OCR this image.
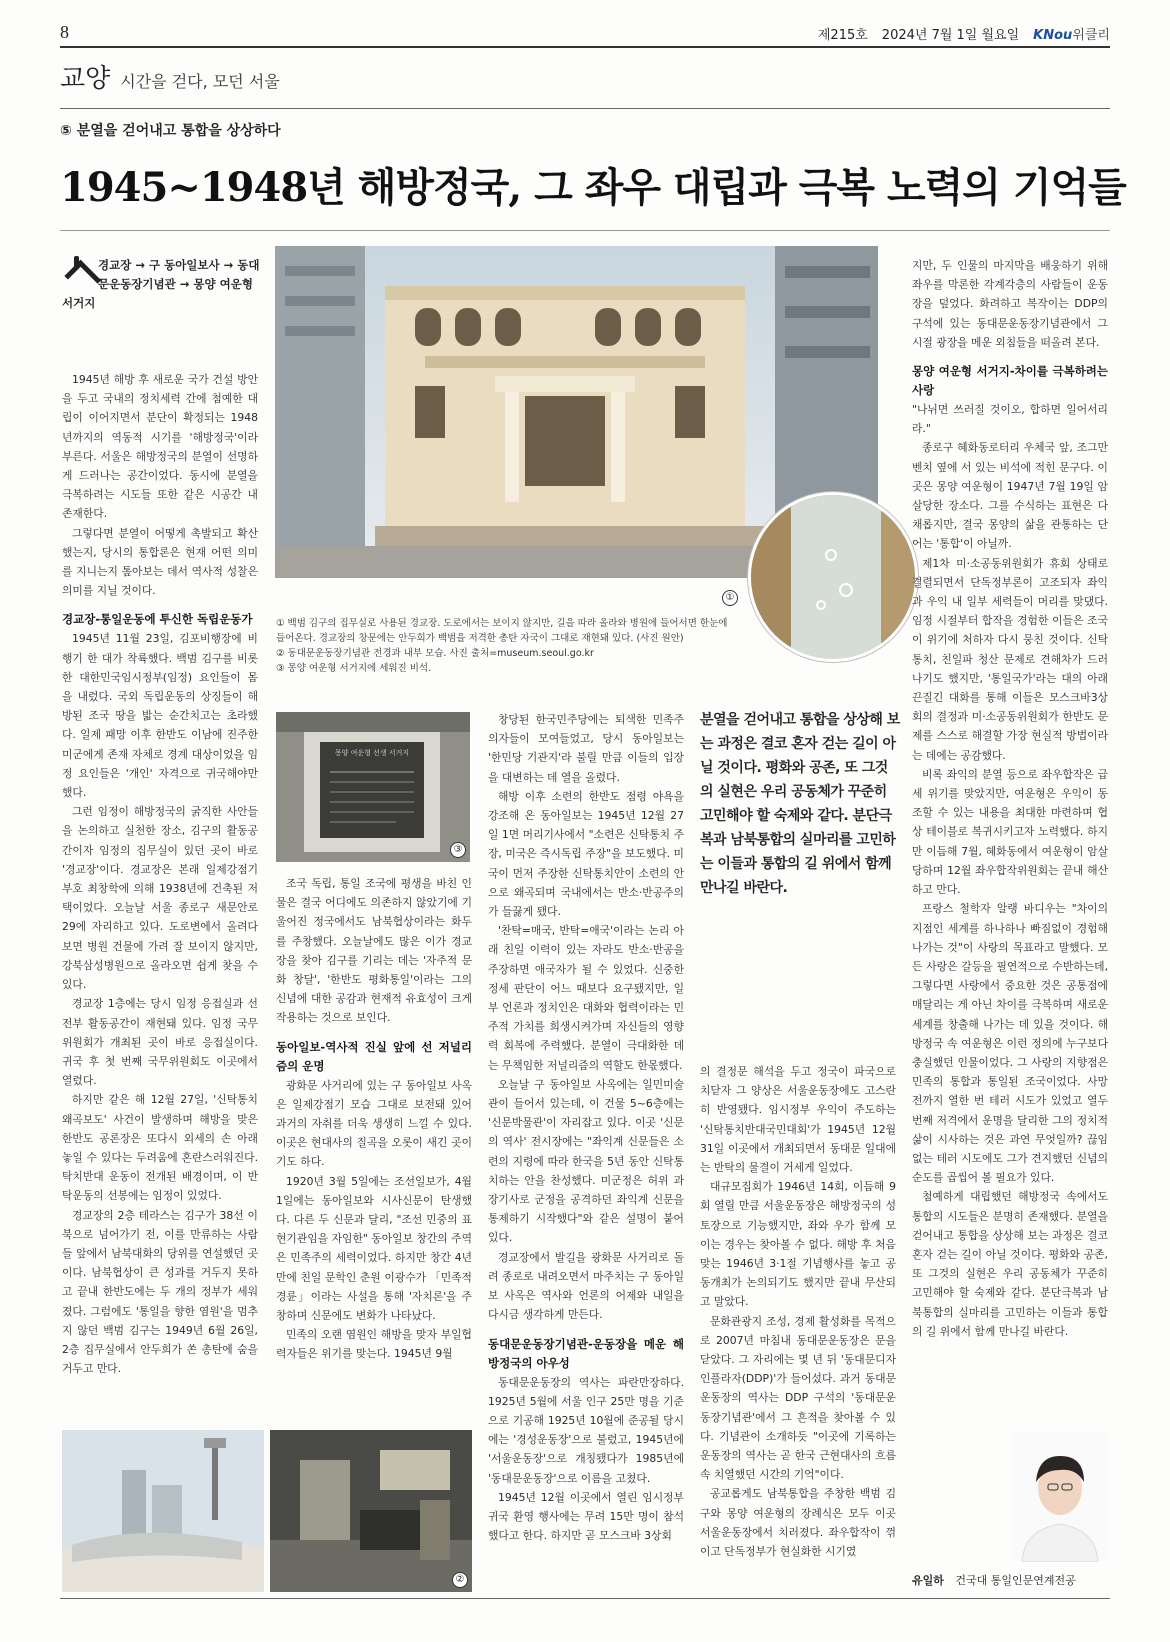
8	제215호 2024년 7월 1일 월요일 KNou위클리
교양 시간을 걷다, 모던 서울
⑤ 분열을 걷어내고 통합을 상상하다
1945~1948년 해방정국, 그 좌우 대립과 극복 노력의 기억들
경교장 → 구 동아일보사 → 동대문운동장기념관 → 몽양 여운형 서거지
①
① 백범 김구의 집무실로 사용된 경교장. 도로에서는 보이지 않지만, 길을 따라 올라와 병원에 들어서면 한눈에 들어온다. 경교장의 창문에는 안두희가 백범을 저격한 총탄 자국이 그대로 재현돼 있다. (사진 원안)
② 동대문운동장기념관 전경과 내부 모습. 사진 출처=museum.seoul.go.kr
③ 몽양 여운형 서거지에 세워진 비석.
몽양 여운형 선생 서거지
③
②

1945년 해방 후 새로운 국가 건설 방안을 두고 국내의 정치세력 간에 첨예한 대립이 이어지면서 분단이 확정되는 1948년까지의 역동적 시기를 '해방정국'이라 부른다. 서울은 해방정국의 분열이 선명하게 드러나는 공간이었다. 동시에 분열을 극복하려는 시도들 또한 같은 시공간 내 존재한다.

그렇다면 분열이 어떻게 촉발되고 확산했는지, 당시의 통합론은 현재 어떤 의미를 지니는지 톺아보는 데서 역사적 성찰은 의미를 지닐 것이다.

경교장-통일운동에 투신한 독립운동가

1945년 11월 23일, 김포비행장에 비행기 한 대가 착륙했다. 백범 김구를 비롯한 대한민국임시정부(임정) 요인들이 몸을 내렸다. 국외 독립운동의 상징들이 해방된 조국 땅을 밟는 순간치고는 초라했다. 일제 패망 이후 한반도 이남에 진주한 미군에게 존재 자체로 경계 대상이었을 임정 요인들은 '개인' 자격으로 귀국해야만 했다.

그런 임정이 해방정국의 굵직한 사안들을 논의하고 실천한 장소, 김구의 활동공간이자 임정의 집무실이 있던 곳이 바로 '경교장'이다. 경교장은 본래 일제강점기 부호 최창학에 의해 1938년에 건축된 저택이었다. 오늘날 서울 종로구 새문안로 29에 자리하고 있다. 도로변에서 올려다보면 병원 건물에 가려 잘 보이지 않지만, 강북삼성병원으로 올라오면 쉽게 찾을 수 있다.

경교장 1층에는 당시 임정 응접실과 선전부 활동공간이 재현돼 있다. 임정 국무위원회가 개최된 곳이 바로 응접실이다. 귀국 후 첫 번째 국무위원회도 이곳에서 열렸다.

하지만 같은 해 12월 27일, '신탁통치 왜곡보도' 사건이 발생하며 해방을 맞은 한반도 공론장은 또다시 외세의 손 아래 놓일 수 있다는 두려움에 혼란스러워진다. 탁치반대 운동이 전개된 배경이며, 이 반탁운동의 선봉에는 임정이 있었다.

경교장의 2층 테라스는 김구가 38선 이북으로 넘어가기 전, 이를 만류하는 사람들 앞에서 남북대화의 당위를 연설했던 곳이다. 남북협상이 큰 성과를 거두지 못하고 끝내 한반도에는 두 개의 정부가 세워졌다. 그럼에도 '통일을 향한 염원'을 멈추지 않던 백범 김구는 1949년 6월 26일, 2층 집무실에서 안두희가 쏜 총탄에 숨을 거두고 만다.

조국 독립, 통일 조국에 평생을 바친 인물은 결국 어디에도 의존하지 않았기에 기울어진 정국에서도 남북협상이라는 화두를 주창했다. 오늘날에도 많은 이가 경교장을 찾아 김구를 기리는 데는 '자주적 문화 창달', '한반도 평화통일'이라는 그의 신념에 대한 공감과 현재적 유효성이 크게 작용하는 것으로 보인다.

동아일보-역사적 진실 앞에 선 저널리즘의 운명

광화문 사거리에 있는 구 동아일보 사옥은 일제강점기 모습 그대로 보전돼 있어 과거의 자취를 더욱 생생히 느낄 수 있다. 이곳은 현대사의 질곡을 오롯이 새긴 곳이기도 하다.

1920년 3월 5일에는 조선일보가, 4월 1일에는 동아일보와 시사신문이 탄생했다. 다른 두 신문과 달리, "조선 민중의 표현기관임을 자임한" 동아일보 창간의 주역은 민족주의 세력이었다. 하지만 창간 4년 만에 친일 문학인 춘원 이광수가 「민족적 경륜」이라는 사설을 통해 '자치론'을 주창하며 신문에도 변화가 나타났다.

민족의 오랜 염원인 해방을 맞자 부일협력자들은 위기를 맞는다. 1945년 9월

창당된 한국민주당에는 퇴색한 민족주의자들이 모여들었고, 당시 동아일보는 '한민당 기관지'라 불릴 만큼 이들의 입장을 대변하는 데 열을 올렸다.

해방 이후 소련의 한반도 점령 야욕을 강조해 온 동아일보는 1945년 12월 27일 1면 머리기사에서 "소련은 신탁통치 주장, 미국은 즉시독립 주장"을 보도했다. 미국이 먼저 주장한 신탁통치안이 소련의 안으로 왜곡되며 국내에서는 반소·반공주의가 들끓게 됐다.

'찬탁=매국, 반탁=애국'이라는 논리 아래 친일 이력이 있는 자라도 반소·반공을 주장하면 애국자가 될 수 있었다. 신중한 정세 판단이 어느 때보다 요구됐지만, 일부 언론과 정치인은 대화와 협력이라는 민주적 가치를 희생시켜가며 자신들의 영향력 회복에 주력했다. 분열이 극대화한 데는 무책임한 저널리즘의 역할도 한몫했다.

오늘날 구 동아일보 사옥에는 일민미술관이 들어서 있는데, 이 건물 5~6층에는 '신문박물관'이 자리잡고 있다. 이곳 '신문의 역사' 전시장에는 "좌익계 신문들은 소련의 지령에 따라 한국을 5년 동안 신탁통치하는 안을 찬성했다. 미군정은 허위 과장기사로 군정을 공격하던 좌익계 신문을 통제하기 시작했다"와 같은 설명이 붙어 있다.

경교장에서 발길을 광화문 사거리로 돌려 종로로 내려오면서 마주치는 구 동아일보 사옥은 역사와 언론의 어제와 내일을 다시금 생각하게 만든다.

동대문운동장기념관-운동장을 메운 해방정국의 아우성

동대문운동장의 역사는 파란만장하다. 1925년 5월에 서울 인구 25만 명을 기준으로 기공해 1925년 10월에 준공될 당시에는 '경성운동장'으로 불렸고, 1945년에 '서울운동장'으로 개칭됐다가 1985년에 '동대문운동장'으로 이름을 고쳤다.

1945년 12월 이곳에서 열린 임시정부 귀국 환영 행사에는 무려 15만 명이 참석했다고 한다. 하지만 곧 모스크바 3상회

분열을 걷어내고 통합을 상상해 보는 과정은 결코 혼자 걷는 길이 아닐 것이다. 평화와 공존, 또 그것의 실현은 우리 공동체가 꾸준히 고민해야 할 숙제와 같다. 분단극복과 남북통합의 실마리를 고민하는 이들과 통합의 길 위에서 함께 만나길 바란다.

의 결정문 해석을 두고 정국이 파국으로 치닫자 그 양상은 서울운동장에도 고스란히 반영됐다. 임시정부 우익이 주도하는 '신탁통치반대국민대회'가 1945년 12월 31일 이곳에서 개최되면서 동대문 일대에는 반탁의 물결이 거세게 일었다.

대규모집회가 1946년 14회, 이듬해 9회 열릴 만큼 서울운동장은 해방정국의 성토장으로 기능했지만, 좌와 우가 함께 모이는 경우는 찾아볼 수 없다. 해방 후 처음 맞는 1946년 3·1절 기념행사를 놓고 공동개최가 논의되기도 했지만 끝내 무산되고 말았다.

문화관광지 조성, 경제 활성화를 목적으로 2007년 마침내 동대문운동장은 문을 닫았다. 그 자리에는 몇 년 뒤 '동대문디자인플라자(DDP)'가 들어섰다. 과거 동대문운동장의 역사는 DDP 구석의 '동대문운동장기념관'에서 그 흔적을 찾아볼 수 있다. 기념관이 소개하듯 "이곳에 기록하는 운동장의 역사는 곧 한국 근현대사의 흐름 속 치열했던 시간의 기억"이다.

공교롭게도 남북통합을 주창한 백범 김구와 몽양 여운형의 장례식은 모두 이곳 서울운동장에서 치러졌다. 좌우합작이 꺾이고 단독정부가 현실화한 시기였

지만, 두 인물의 마지막을 배웅하기 위해 좌우를 막론한 각계각층의 사람들이 운동장을 덮었다. 화려하고 복작이는 DDP의 구석에 있는 동대문운동장기념관에서 그 시절 광장을 메운 외침들을 떠올려 본다.

몽양 여운형 서거지-차이를 극복하려는 사랑

"나뉘면 쓰러질 것이오, 합하면 일어서리라."

종로구 혜화동로터리 우체국 앞, 조그만 벤치 옆에 서 있는 비석에 적힌 문구다. 이곳은 몽양 여운형이 1947년 7월 19일 암살당한 장소다. 그를 수식하는 표현은 다채롭지만, 결국 몽양의 삶을 관통하는 단어는 '통합'이 아닐까.

제1차 미·소공동위원회가 휴회 상태로 결렬되면서 단독정부론이 고조되자 좌익과 우익 내 일부 세력들이 머리를 맞댔다. 임정 시절부터 합작을 경험한 이들은 조국이 위기에 처하자 다시 뭉친 것이다. 신탁통치, 친일파 청산 문제로 견해차가 드러나기도 했지만, '통일국가'라는 대의 아래 끈질긴 대화를 통해 이들은 모스크바3상회의 결정과 미·소공동위원회가 한반도 문제를 스스로 해결할 가장 현실적 방법이라는 데에는 공감했다.

비록 좌익의 분열 등으로 좌우합작은 급세 위기를 맞았지만, 여운형은 우익이 동조할 수 있는 내용을 최대한 마련하며 협상 테이블로 복귀시키고자 노력했다. 하지만 이듬해 7월, 혜화동에서 여운형이 암살당하며 12월 좌우합작위원회는 끝내 해산하고 만다.

프랑스 철학자 알랭 바디우는 "차이의 지점인 세계를 하나하나 빠짐없이 경험해 나가는 것"이 사랑의 목표라고 말했다. 모든 사랑은 갈등을 필연적으로 수반하는데, 그렇다면 사랑에서 중요한 것은 공통점에 매달리는 게 아닌 차이를 극복하며 새로운 세계를 창출해 나가는 데 있을 것이다. 해방정국 속 여운형은 이런 정의에 누구보다 충실했던 인물이었다. 그 사랑의 지향점은 민족의 통합과 통일된 조국이었다. 사망 전까지 열한 번 테러 시도가 있었고 열두 번째 저격에서 운명을 달리한 그의 정치적 삶이 시사하는 것은 과연 무엇일까? 끊임없는 테러 시도에도 그가 견지했던 신념의 순도를 곱씹어 볼 필요가 있다.

첨예하게 대립했던 해방정국 속에서도 통합의 시도들은 분명히 존재했다. 분열을 걷어내고 통합을 상상해 보는 과정은 결코 혼자 걷는 길이 아닐 것이다. 평화와 공존, 또 그것의 실현은 우리 공동체가 꾸준히 고민해야 할 숙제와 같다. 분단극복과 남북통합의 실마리를 고민하는 이들과 통합의 길 위에서 함께 만나길 바란다.

유일하 건국대 통일인문연계전공
